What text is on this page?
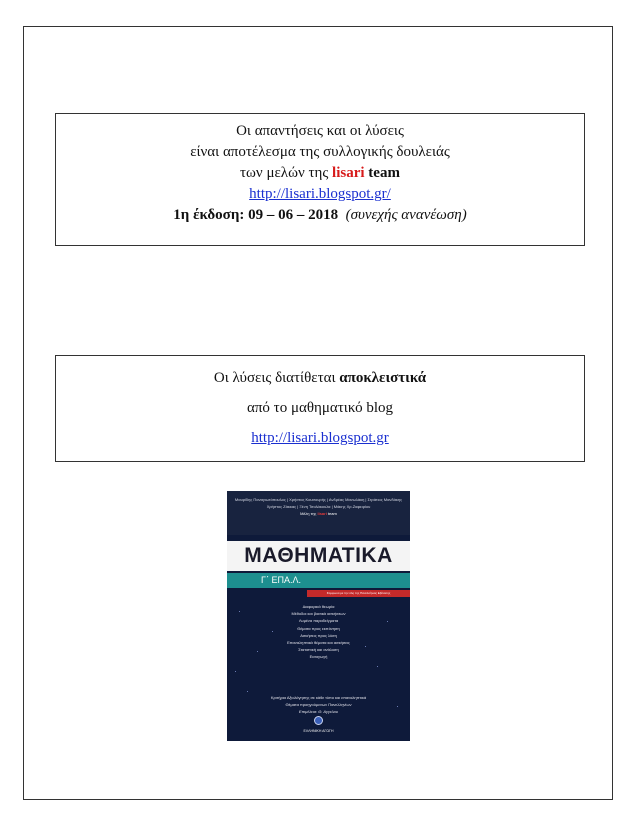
Οι απαντήσεις και οι λύσεις
είναι αποτέλεσμα της συλλογικής δουλειάς
των μελών της lisari team
http://lisari.blogspot.gr/
1η έκδοση: 09 – 06 – 2018 (συνεχής ανανέωση)
Οι λύσεις διατίθεται αποκλειστικά
από το μαθηματικό blog
http://lisari.blogspot.gr
Μαυρίδης Παναγιωτόπουλος | Χρήστος Κουσουρής | Ανδρέας Μανωλάκη | Στράτιος Μανδάκης
Χρήστος Ζάκκας | Ξένη Τσολάκουλα | Μάκης Χρ.Ζαφειρίου
Μέλη της lisari team
ΜΑΘΗΜΑΤΙΚΑ
Γ΄ ΕΠΑ.Λ.
Σύμφωνα με την ύλη της Πανελλήνιας Εξέτασης
Διαφορικά θεωρία
Μέθοδοι και βασικά ασκήσεων
Λυμένα παραδείγματα
Θέματα προς εκπόνηση
Ασκήσεις προς λύση
Επαναληπτικά θέματα και ασκήσεις
Στατιστική και ανάλυση
Εισαγωγή
Κριτήρια Αξιολόγησης σε κάθε τύπο και επαναληπτικά
Θέματα προηγούμενων Πανελληνίων
Επιμέλεια: Θ. Αγγελου
ΕΛΛΗΝΙΚΗ ΑΓΩΓΗ
